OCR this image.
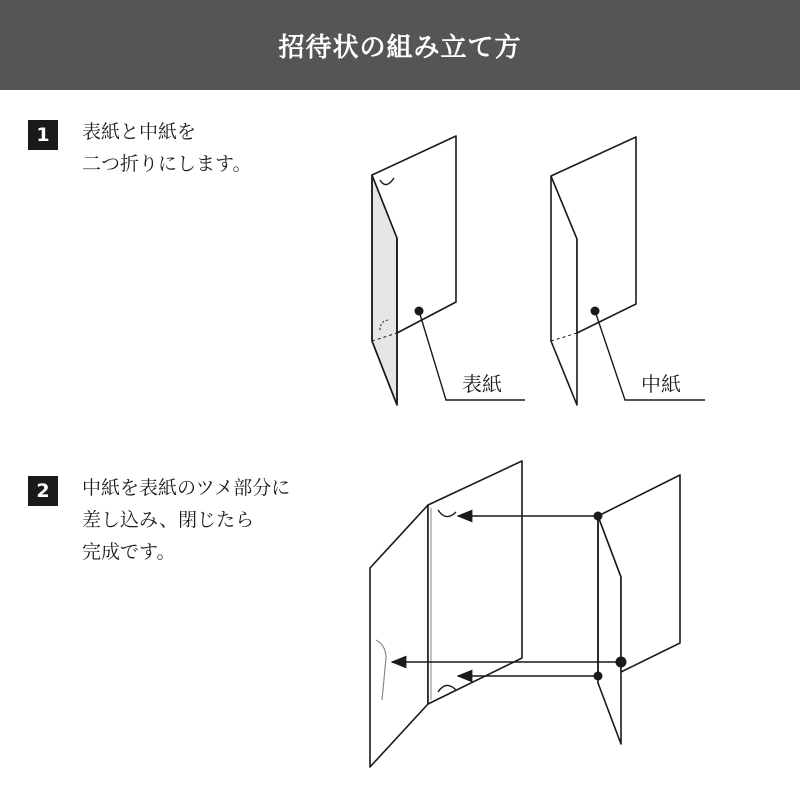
招待状の組み立て方
1	表紙と中紙を
二つ折りにします。
2	中紙を表紙のツメ部分に
差し込み、閉じたら
完成です。
表紙	中紙
